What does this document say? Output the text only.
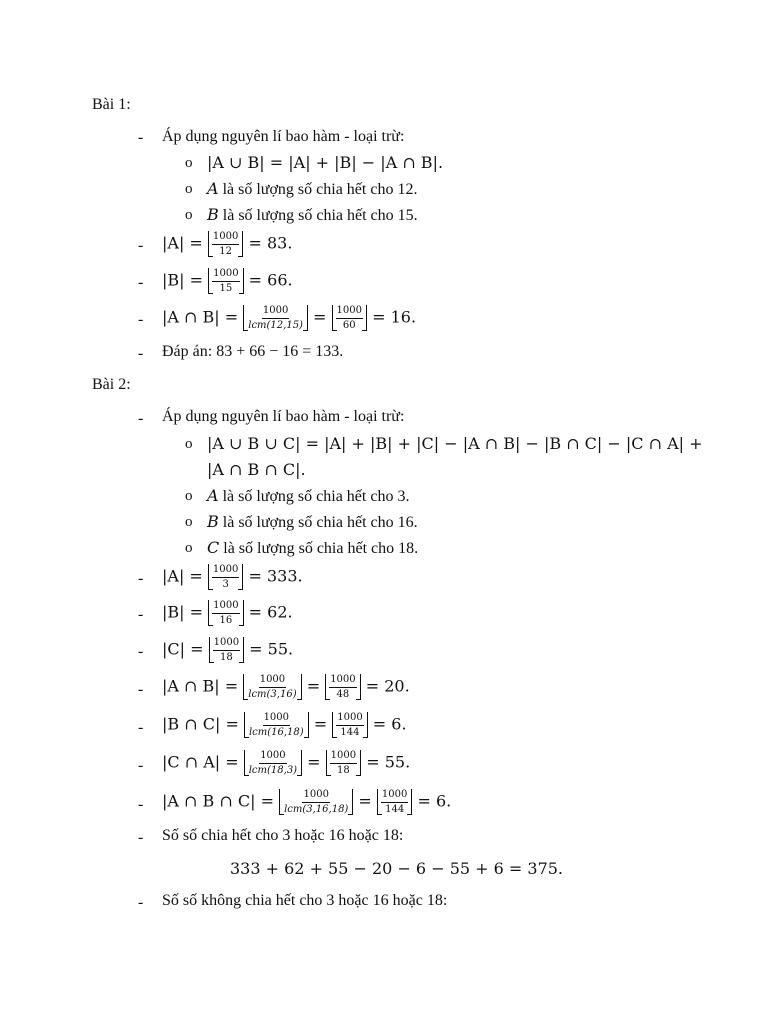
Bài 1:
- Áp dụng nguyên lí bao hàm - loại trừ:
o |A ∪ B| = |A| + |B| − |A ∩ B|.
o A là số lượng số chia hết cho 12.
o B là số lượng số chia hết cho 15.
- $|A| = \frac{1000}{12} = 83$.
- $|B| = \frac{1000}{15} = 66$.
- |A ∩ $B| = \frac{1000}{\text{lcm(12,15)}} = \frac{1000}{60} = 16$.
- Đáp án: 83 + 66 − 16 = 133.
Bài 2:
- Áp dụng nguyên lí bao hàm - loại trừ:
o |A ∪ B ∪ C| = |A| + |B| + |C| − |A ∩ B| − |B ∩ C| − |C ∩ A| +
|A ∩ B ∩ C|.
o A là số lượng số chia hết cho 3.
o B là số lượng số chia hết cho 16.
o C là số lượng số chia hết cho 18.
- $|A| = \frac{1000}{3} = 333$.
- $|B| = \frac{1000}{16} = 62$.
- $|C| = \frac{1000}{18} = 55$.
- |A ∩ $B| = \frac{1000}{\text{lcm(3,16)}} = \frac{1000}{48} = 20$.
- |B ∩ $C| = \frac{1000}{\text{lcm(16,18)}} = \frac{1000}{144} = 6$.
- |C ∩ $A| = \frac{1000}{\text{lcm(18,3)}} = \frac{1000}{18} = 55$.
- |A ∩ B ∩ $C| = \frac{1000}{\text{lcm(3,16,18)}} = \frac{1000}{144} = 6$.
- Số số chia hết cho 3 hoặc 16 hoặc 18:
333 + 62 + 55 − 20 − 6 − 55 + 6 = 375.
- Số số không chia hết cho 3 hoặc 16 hoặc 18:
